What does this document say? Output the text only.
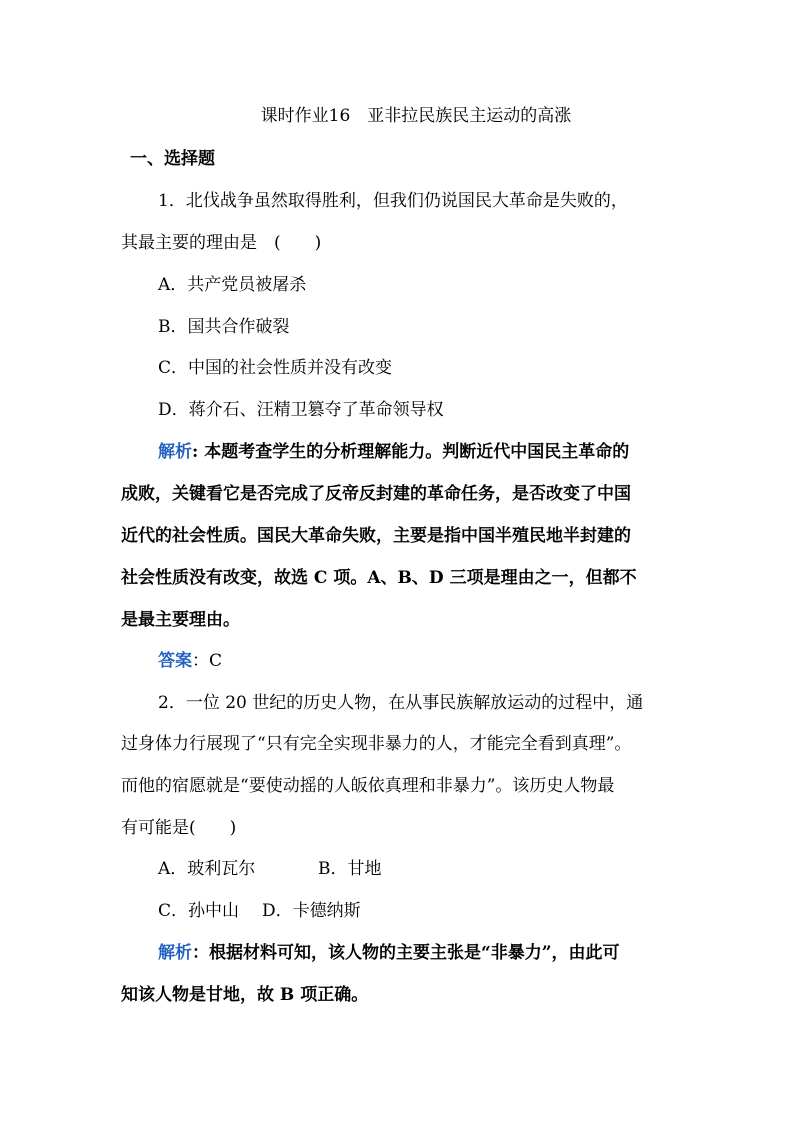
课时作业16　亚非拉民族民主运动的高涨
一、选择题
1．北伐战争虽然取得胜利，但我们仍说国民大革命是失败的，
其最主要的理由是　(　　)
A．共产党员被屠杀
B．国共合作破裂
C．中国的社会性质并没有改变
D．蒋介石、汪精卫篡夺了革命领导权
解析: 本题考查学生的分析理解能力。判断近代中国民主革命的
成败，关键看它是否完成了反帝反封建的革命任务，是否改变了中国
近代的社会性质。国民大革命失败，主要是指中国半殖民地半封建的
社会性质没有改变，故选 C 项。A、B、D 三项是理由之一，但都不
是最主要理由。
答案：C
2．一位 20 世纪的历史人物，在从事民族解放运动的过程中，通
过身体力行展现了“只有完全实现非暴力的人，才能完全看到真理”。
而他的宿愿就是“要使动摇的人皈依真理和非暴力”。该历史人物最
有可能是(　　)
A．玻利瓦尔	B．甘地
C．孙中山 D．卡德纳斯
解析：根据材料可知，该人物的主要主张是“非暴力”，由此可
知该人物是甘地，故 B 项正确。
